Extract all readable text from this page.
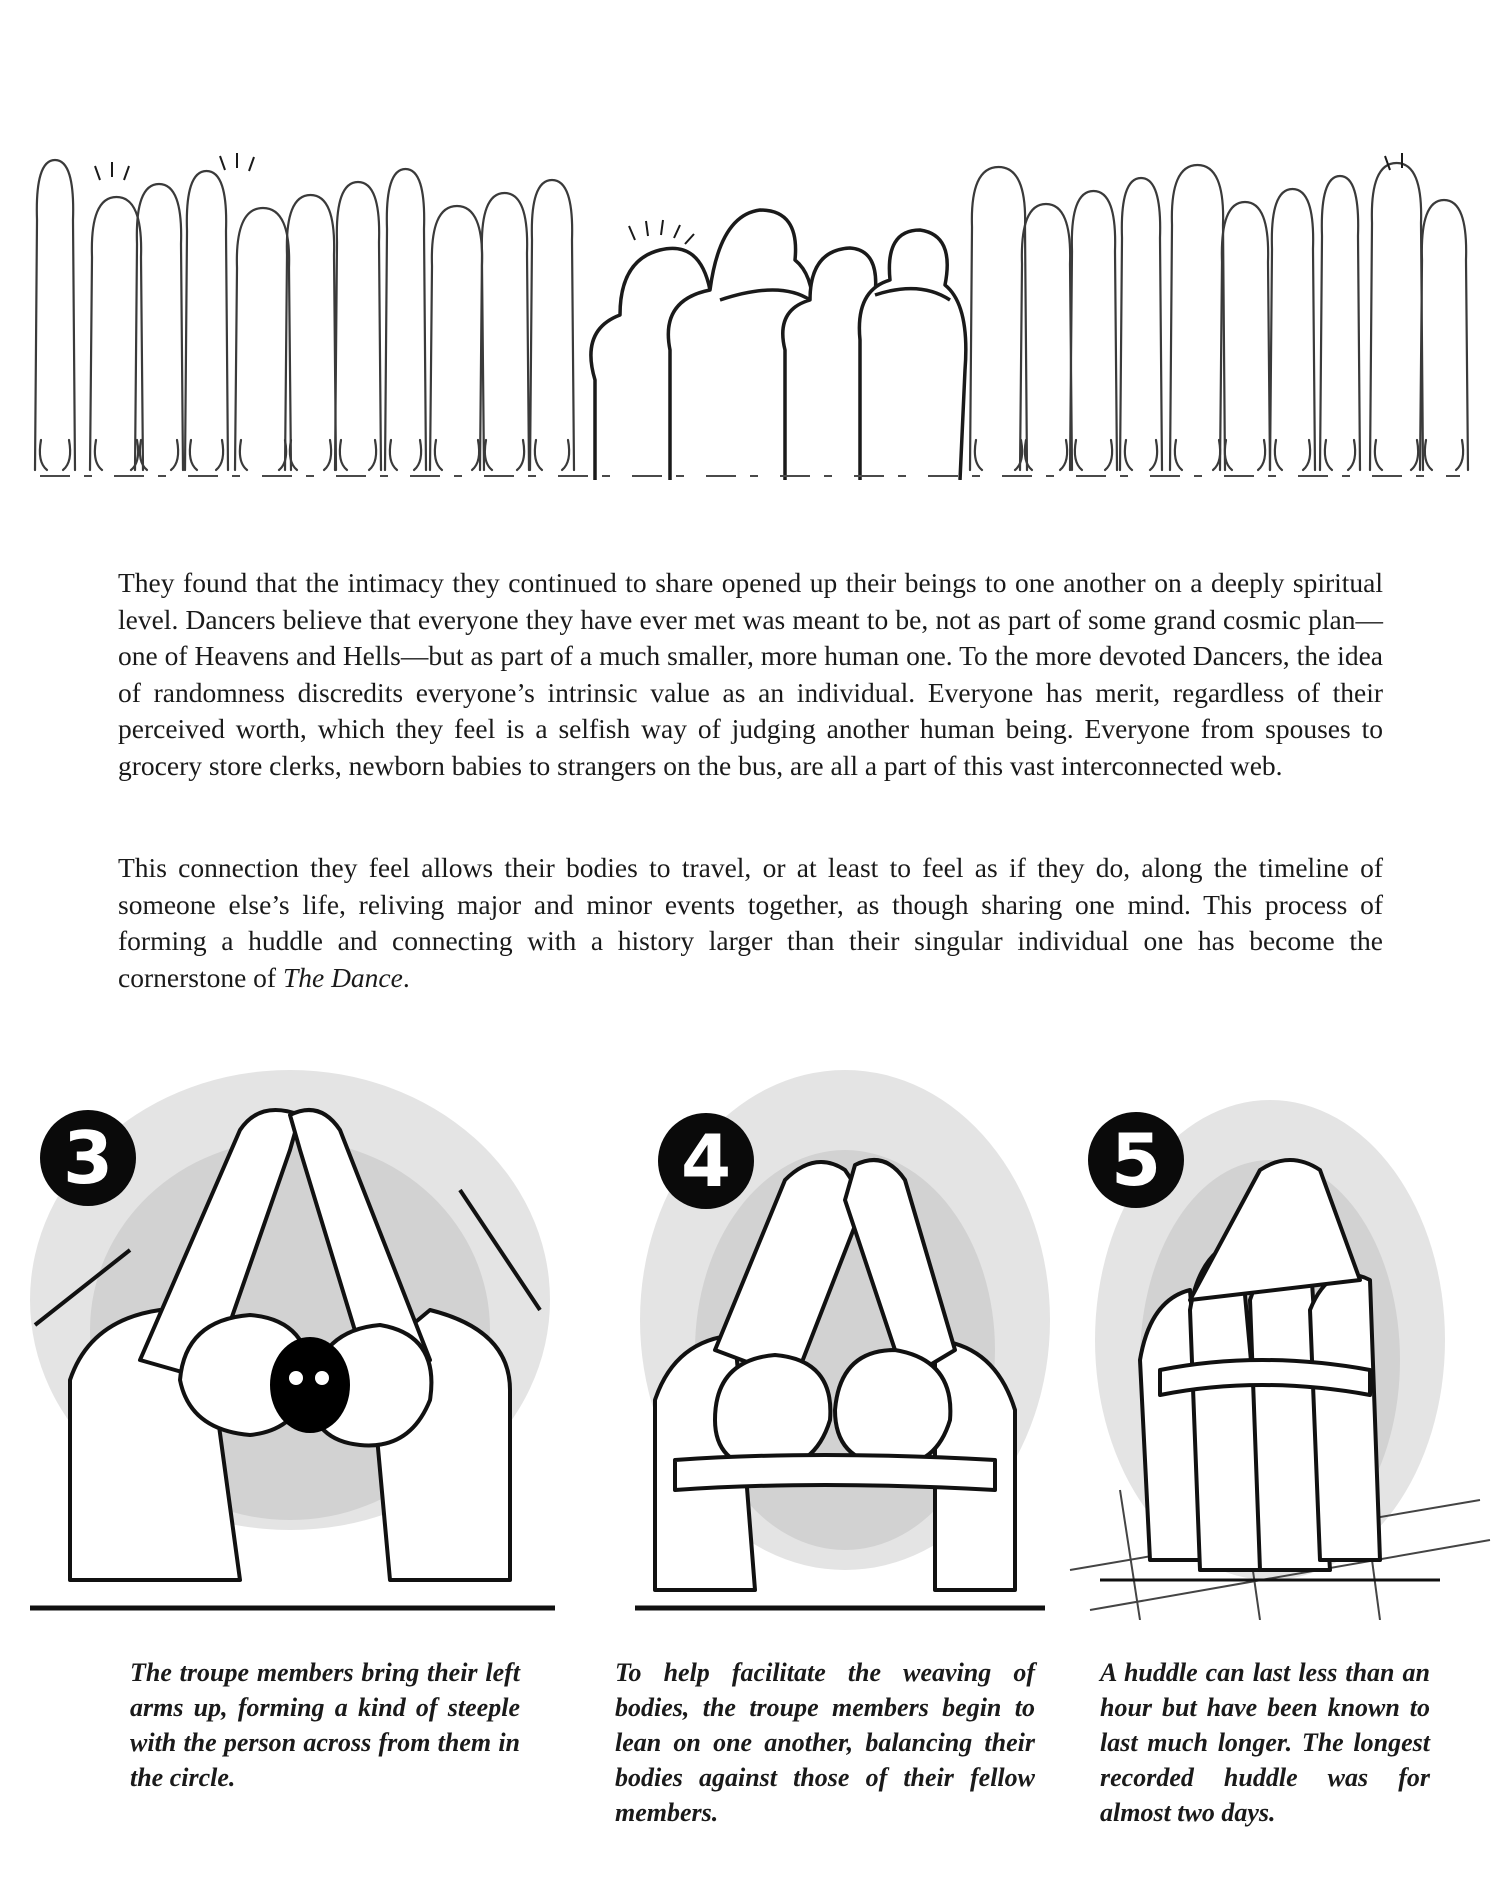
They found that the intimacy they continued to share opened up their beings to one another on a deeply spiritual level. Dancers believe that everyone they have ever met was meant to be, not as part of some grand cosmic plan—one of Heavens and Hells—but as part of a much smaller, more human one. To the more devoted Dancers, the idea of randomness discredits everyone’s intrinsic value as an individual. Everyone has merit, regardless of their perceived worth, which they feel is a selfish way of judging another human being. Everyone from spouses to grocery store clerks, newborn babies to strangers on the bus, are all a part of this vast interconnected web.

This connection they feel allows their bodies to travel, or at least to feel as if they do, along the timeline of someone else’s life, reliving major and minor events together, as though sharing one mind. This process of forming a huddle and connecting with a history larger than their singular individual one has become the cornerstone of The Dance.

3	4	5

The troupe members bring their left arms up, forming a kind of steeple with the person across from them in the circle.

To help facilitate the weaving of bodies, the troupe members begin to lean on one another, balancing their bodies against those of their fellow members.

A huddle can last less than an hour but have been known to last much longer. The longest recorded huddle was for almost two days.
